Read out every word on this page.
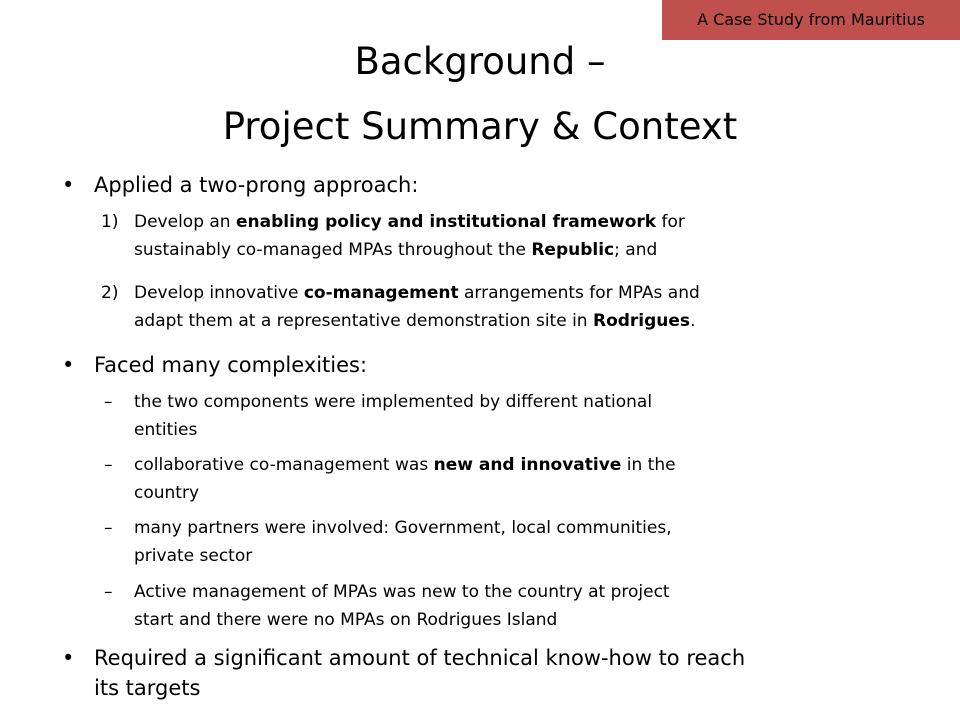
A Case Study from Mauritius
Background –
Project Summary & Context
• Applied a two-prong approach:
1) Develop an enabling policy and institutional framework for
sustainably co-managed MPAs throughout the Republic; and
2) Develop innovative co-management arrangements for MPAs and
adapt them at a representative demonstration site in Rodrigues.
• Faced many complexities:
– the two components were implemented by different national
entities
– collaborative co-management was new and innovative in the
country
– many partners were involved: Government, local communities,
private sector
– Active management of MPAs was new to the country at project
start and there were no MPAs on Rodrigues Island
• Required a significant amount of technical know-how to reach
its targets
